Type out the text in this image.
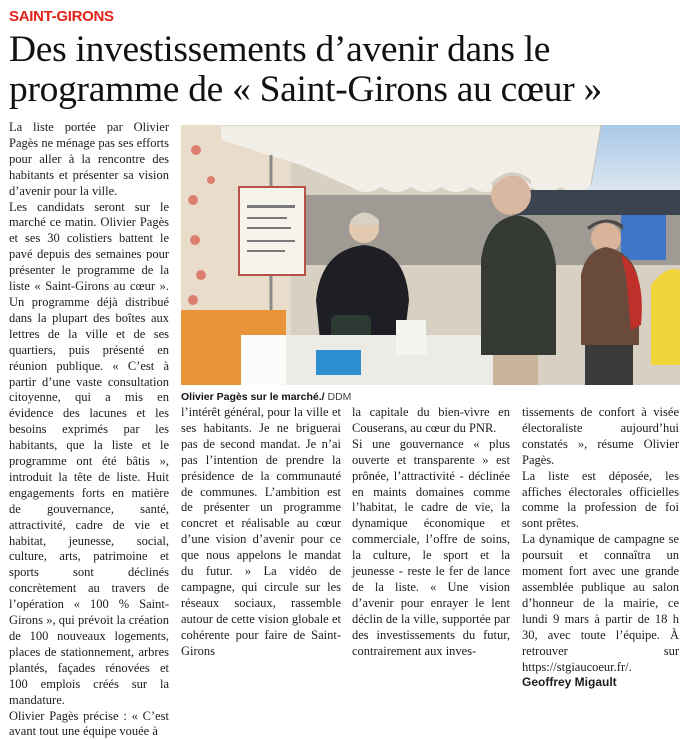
SAINT-GIRONS
Des investissements d’avenir dans le
programme de « Saint-Girons au cœur »

La liste portée par Olivier Pagès ne ménage pas ses efforts pour aller à la rencontre des habitants et présenter sa vision d’avenir pour la ville.

Les candidats seront sur le marché ce matin. Olivier Pagès et ses 30 colistiers battent le pavé depuis des semaines pour présenter le programme de la liste « Saint-Girons au cœur ». Un programme déjà distribué dans la plupart des boîtes aux lettres de la ville et de ses quartiers, puis présenté en réunion publique. « C’est à partir d’une vaste consultation citoyenne, qui a mis en évidence des lacunes et les besoins exprimés par les habitants, que la liste et le programme ont été bâtis », introduit la tête de liste. Huit engagements forts en matière de gouvernance, santé, attractivité, cadre de vie et habitat, jeunesse, social, culture, arts, patrimoine et sports sont déclinés concrètement au travers de l’opération « 100 % Saint-Girons », qui prévoit la création de 100 nouveaux logements, places de stationnement, arbres plantés, façades rénovées et 100 emplois créés sur la mandature.

Olivier Pagès précise : « C’est avant tout une équipe vouée à

Olivier Pagès sur le marché./ DDM

l’intérêt général, pour la ville et ses habitants. Je ne briguerai pas de second mandat. Je n’ai pas l’intention de prendre la présidence de la communauté de communes. L’ambition est de présenter un programme concret et réalisable au cœur d’une vision d’avenir pour ce que nous appelons le mandat du futur. » La vidéo de campagne, qui circule sur les réseaux sociaux, rassemble autour de cette vision globale et cohérente pour faire de Saint-Girons

la capitale du bien-vivre en Couserans, au cœur du PNR.

Si une gouvernance « plus ouverte et transparente » est prônée, l’attractivité - déclinée en maints domaines comme l’habitat, le cadre de vie, la dynamique économique et commerciale, l’offre de soins, la culture, le sport et la jeunesse - reste le fer de lance de la liste. « Une vision d’avenir pour enrayer le lent déclin de la ville, supportée par des investissements du futur, contrairement aux inves-

tissements de confort à visée électoraliste aujourd’hui constatés », résume Olivier Pagès.

La liste est déposée, les affiches électorales officielles comme la profession de foi sont prêtes.

La dynamique de campagne se poursuit et connaîtra un moment fort avec une grande assemblée publique au salon d’honneur de la mairie, ce lundi 9 mars à partir de 18 h 30, avec toute l’équipe. À retrouver sur https://stgiaucoeur.fr/.

Geoffrey Migault
